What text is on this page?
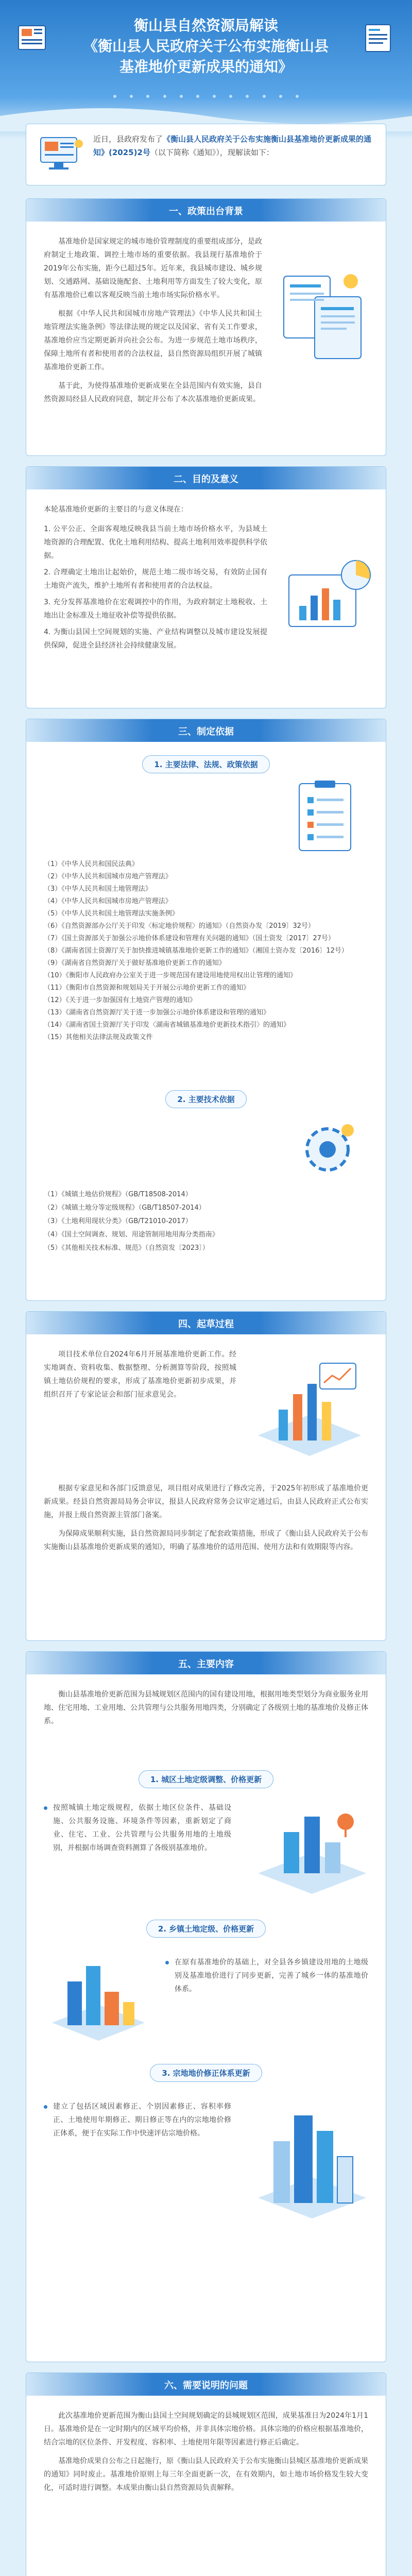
衡山县自然资源局解读
《衡山县人民政府关于公布实施衡山县
基准地价更新成果的通知》
近日，县政府发布了《衡山县人民政府关于公布实施衡山县基准地价更新成果的通知》(2025)2号（以下简称《通知》），现解读如下：
一、政策出台背景

基准地价是国家规定的城市地价管理制度的重要组成部分，是政府制定土地政策、调控土地市场的重要依据。我县现行基准地价于2019年公布实施，距今已超过5年。近年来，我县城市建设、城乡规划、交通路网、基础设施配套、土地利用等方面发生了较大变化，原有基准地价已难以客观反映当前土地市场实际价格水平。

根据《中华人民共和国城市房地产管理法》《中华人民共和国土地管理法实施条例》等法律法规的规定以及国家、省有关工作要求，基准地价应当定期更新并向社会公布。为进一步规范土地市场秩序，保障土地所有者和使用者的合法权益，县自然资源局组织开展了城镇基准地价更新工作。

基于此，为使得基准地价更新成果在全县范围内有效实施，县自然资源局经县人民政府同意，制定并公布了本次基准地价更新成果。

二、目的及意义
本轮基准地价更新的主要目的与意义体现在：
1. 公平公正、全面客观地反映我县当前土地市场价格水平，为县域土地资源的合理配置、优化土地利用结构、提高土地利用效率提供科学依据。
2. 合理确定土地出让起始价，规范土地二级市场交易，有效防止国有土地资产流失，维护土地所有者和使用者的合法权益。
3. 充分发挥基准地价在宏观调控中的作用，为政府制定土地税收、土地出让金标准及土地征收补偿等提供依据。
4. 为衡山县国土空间规划的实施、产业结构调整以及城市建设发展提供保障，促进全县经济社会持续健康发展。
三、制定依据
1. 主要法律、法规、政策依据
（1）《中华人民共和国民法典》
（2）《中华人民共和国城市房地产管理法》
（3）《中华人民共和国土地管理法》
（4）《中华人民共和国城市房地产管理法》
（5）《中华人民共和国土地管理法实施条例》
（6）《自然资源部办公厅关于印发〈标定地价规程〉的通知》（自然资办发〔2019〕32号）
（7）《国土资源部关于加强公示地价体系建设和管理有关问题的通知》（国土资发〔2017〕27号）
（8）《湖南省国土资源厅关于加快推进城镇基准地价更新工作的通知》（湘国土资办发〔2016〕12号）
（9）《湖南省自然资源厅关于做好基准地价更新工作的通知》
（10）《衡阳市人民政府办公室关于进一步规范国有建设用地使用权出让管理的通知》
（11）《衡阳市自然资源和规划局关于开展公示地价更新工作的通知》
（12）《关于进一步加强国有土地资产管理的通知》
（13）《湖南省自然资源厅关于进一步加强公示地价体系建设和管理的通知》
（14）《湖南省国土资源厅关于印发〈湖南省城镇基准地价更新技术指引〉的通知》
（15）其他相关法律法规及政策文件
2. 主要技术依据
（1）《城镇土地估价规程》（GB/T18508-2014）
（2）《城镇土地分等定级规程》（GB/T18507-2014）
（3）《土地利用现状分类》（GB/T21010-2017）
（4）《国土空间调查、规划、用途管制用地用海分类指南》
（5）《其他相关技术标准、规范》（自然资发〔2023〕）
四、起草过程

项目技术单位自2024年6月开展基准地价更新工作。经实地调查、资料收集、数据整理、分析测算等阶段，按照城镇土地估价规程的要求，形成了基准地价更新初步成果，并组织召开了专家论证会和部门征求意见会。

根据专家意见和各部门反馈意见，项目组对成果进行了修改完善，于2025年初形成了基准地价更新成果。经县自然资源局局务会审议，报县人民政府常务会议审定通过后，由县人民政府正式公布实施，并报上级自然资源主管部门备案。

为保障成果顺利实施，县自然资源局同步制定了配套政策措施，形成了《衡山县人民政府关于公布实施衡山县基准地价更新成果的通知》，明确了基准地价的适用范围、使用方法和有效期限等内容。

五、主要内容

衡山县基准地价更新范围为县城规划区范围内的国有建设用地，根据用地类型划分为商业服务业用地、住宅用地、工业用地、公共管理与公共服务用地四类，分别确定了各级别土地的基准地价及修正体系。

1. 城区土地定级调整、价格更新
按照城镇土地定级规程，依据土地区位条件、基础设施、公共服务设施、环境条件等因素，重新划定了商业、住宅、工业、公共管理与公共服务用地的土地级别，并根据市场调查资料测算了各级别基准地价。
2. 乡镇土地定级、价格更新
在原有基准地价的基础上，对全县各乡镇建设用地的土地级别及基准地价进行了同步更新，完善了城乡一体的基准地价体系。
3. 宗地地价修正体系更新
建立了包括区域因素修正、个别因素修正、容积率修正、土地使用年期修正、期日修正等在内的宗地地价修正体系，便于在实际工作中快速评估宗地价格。
六、需要说明的问题

此次基准地价更新范围为衡山县国土空间规划确定的县城规划区范围，成果基准日为2024年1月1日。基准地价是在一定时期内的区域平均价格，并非具体宗地价格。具体宗地的价格应根据基准地价，结合宗地的区位条件、开发程度、容积率、土地使用年限等因素进行修正后确定。

基准地价成果自公布之日起施行，原《衡山县人民政府关于公布实施衡山县城区基准地价更新成果的通知》同时废止。基准地价原则上每三年全面更新一次，在有效期内，如土地市场价格发生较大变化，可适时进行调整。本成果由衡山县自然资源局负责解释。
